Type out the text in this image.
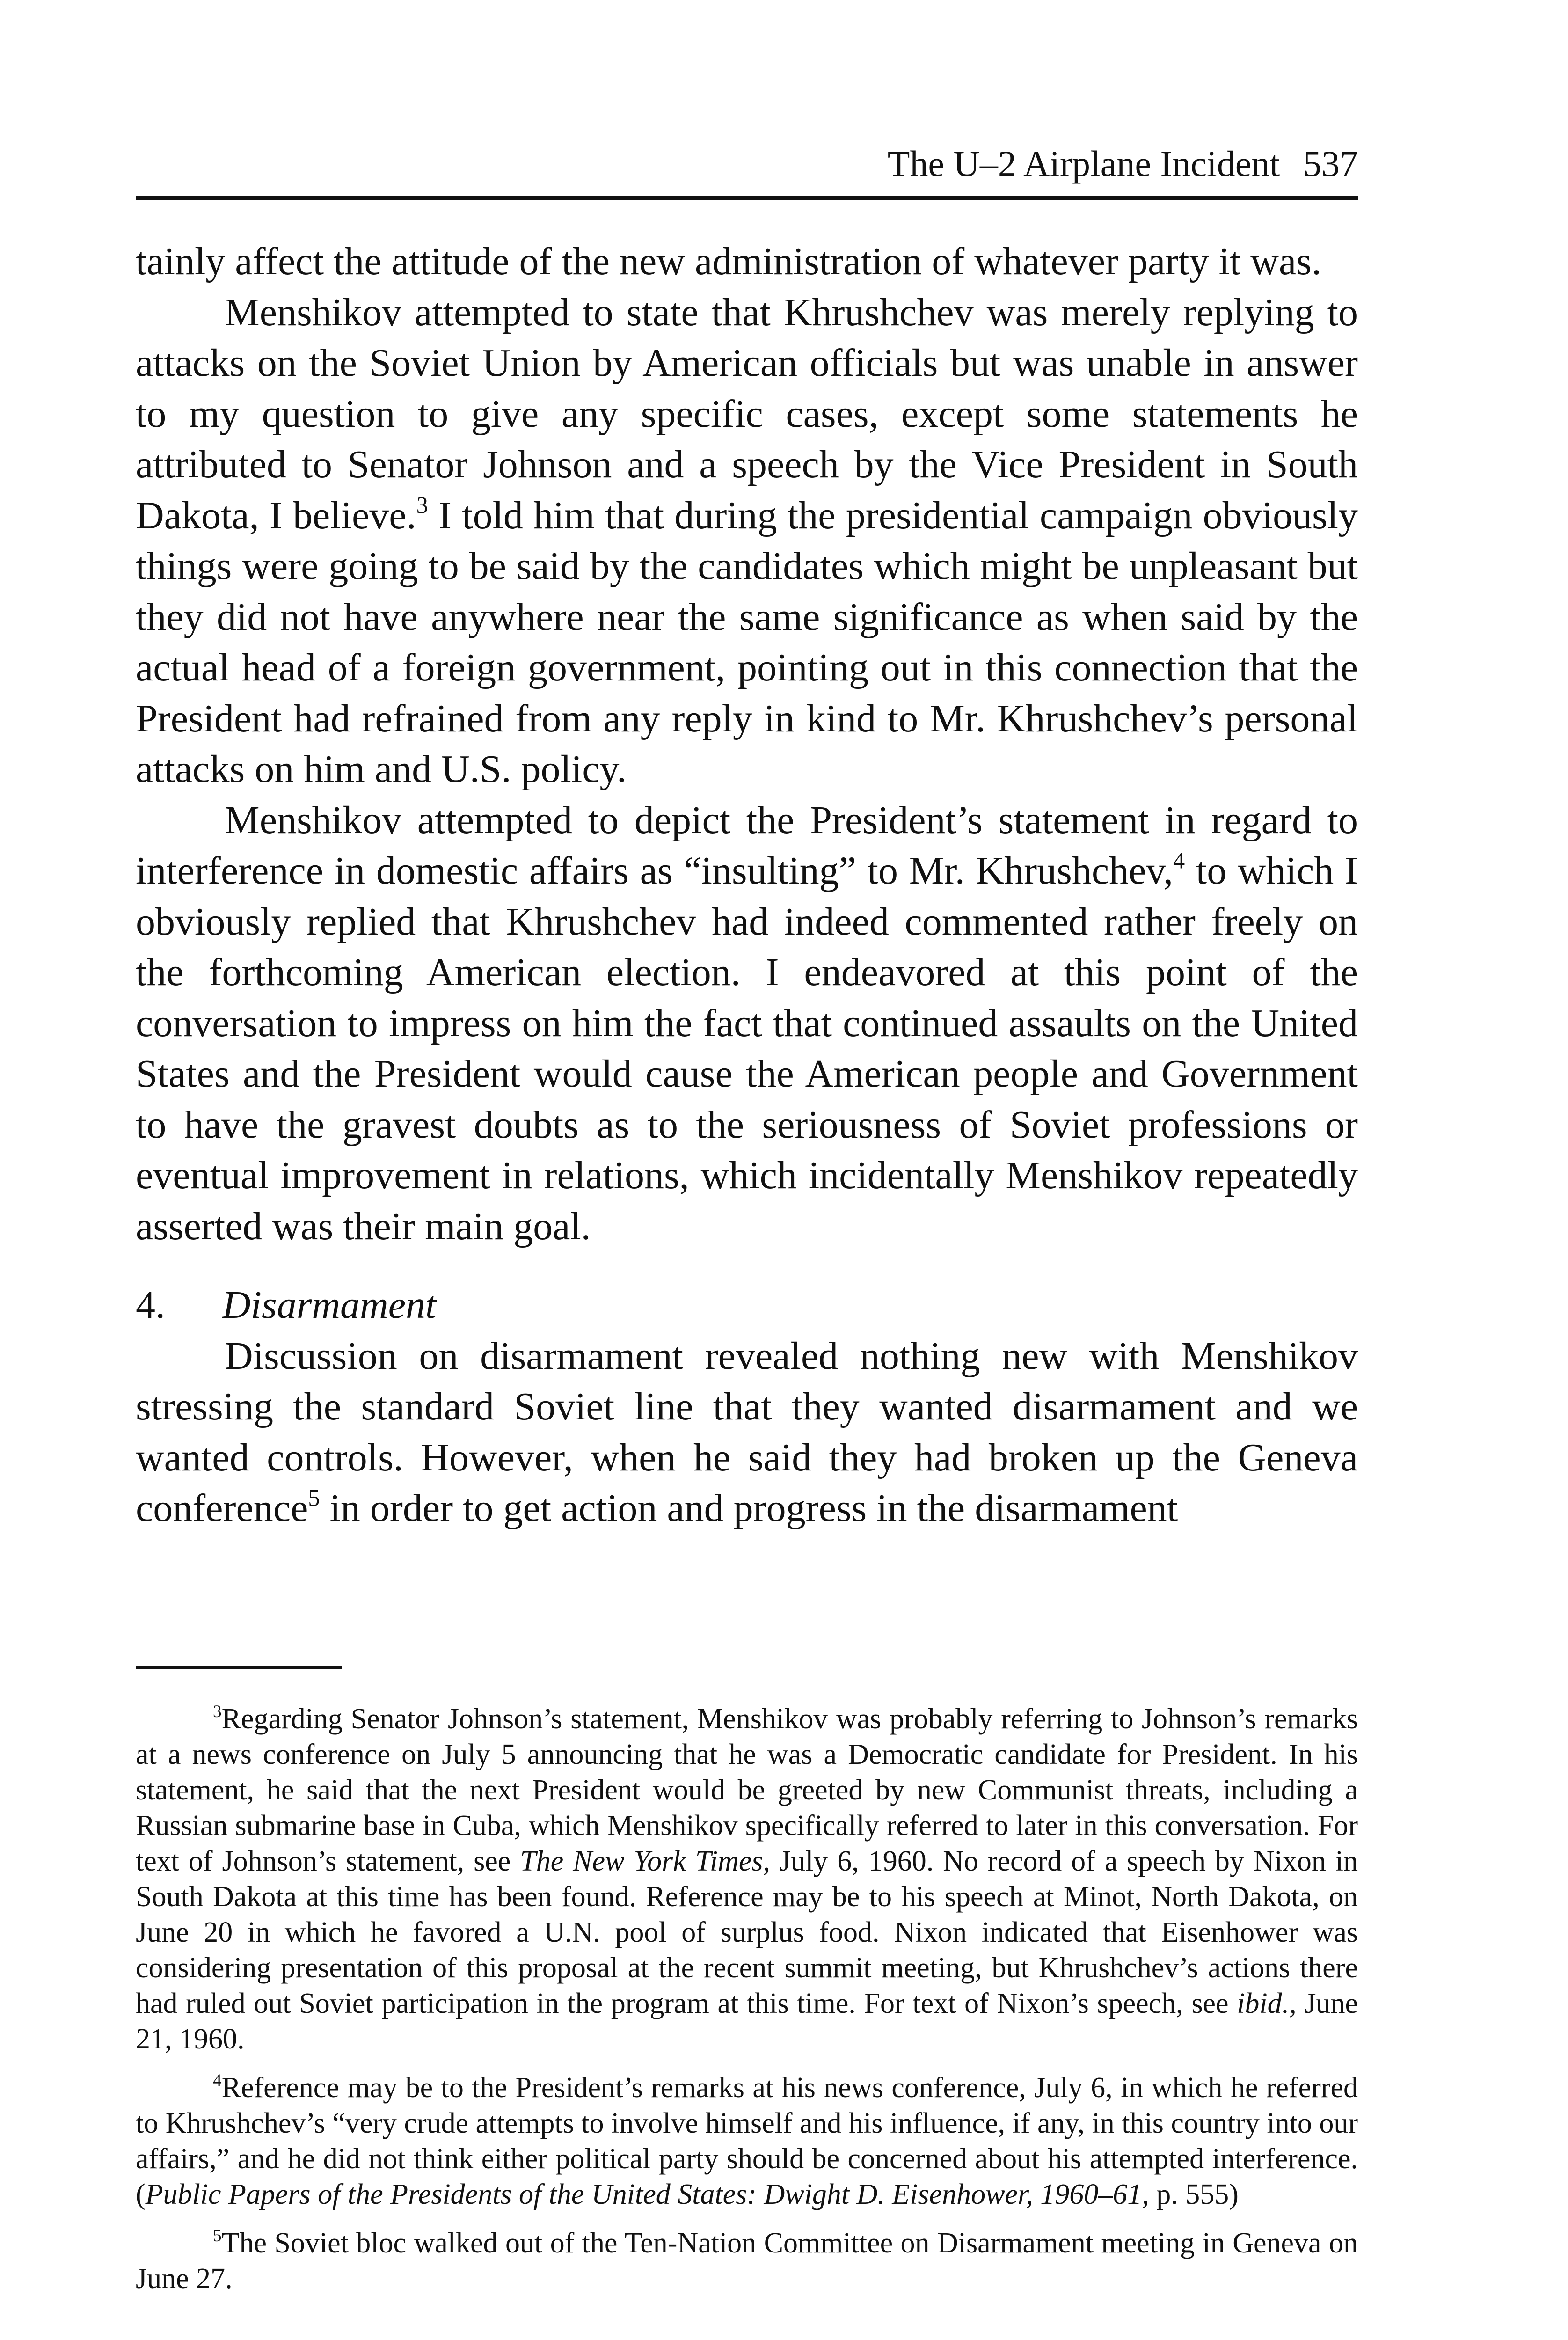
The U–2 Airplane Incident 537

tainly affect the attitude of the new administration of whatever party it was.

Menshikov attempted to state that Khrushchev was merely replying to attacks on the Soviet Union by American officials but was unable in answer to my question to give any specific cases, except some statements he attributed to Senator Johnson and a speech by the Vice President in South Dakota, I believe.$^3$ I told him that during the presidential campaign obviously things were going to be said by the candidates which might be unpleasant but they did not have anywhere near the same significance as when said by the actual head of a foreign government, pointing out in this connection that the President had refrained from any reply in kind to Mr. Khrushchev’s personal attacks on him and U.S. policy.

Menshikov attempted to depict the President’s statement in regard to interference in domestic affairs as “insulting” to Mr. Khrushchev,$^4$ to which I obviously replied that Khrushchev had indeed commented rather freely on the forthcoming American election. I endeavored at this point of the conversation to impress on him the fact that continued assaults on the United States and the President would cause the American people and Government to have the gravest doubts as to the seriousness of Soviet professions or eventual improvement in relations, which incidentally Menshikov repeatedly asserted was their main goal.

4. Disarmament

Discussion on disarmament revealed nothing new with Menshikov stressing the standard Soviet line that they wanted disarmament and we wanted controls. However, when he said they had broken up the Geneva conference$^5$ in order to get action and progress in the disarmament

$^3$Regarding Senator Johnson’s statement, Menshikov was probably referring to Johnson’s remarks at a news conference on July 5 announcing that he was a Democratic candidate for President. In his statement, he said that the next President would be greeted by new Communist threats, including a Russian submarine base in Cuba, which Menshikov specifically referred to later in this conversation. For text of Johnson’s statement, see The New York Times, July 6, 1960. No record of a speech by Nixon in South Dakota at this time has been found. Reference may be to his speech at Minot, North Dakota, on June 20 in which he favored a U.N. pool of surplus food. Nixon indicated that Eisenhower was considering presentation of this proposal at the recent summit meeting, but Khrushchev’s actions there had ruled out Soviet participation in the program at this time. For text of Nixon’s speech, see ibid., June 21, 1960.

$^4$Reference may be to the President’s remarks at his news conference, July 6, in which he referred to Khrushchev’s “very crude attempts to involve himself and his influence, if any, in this country into our affairs,” and he did not think either political party should be concerned about his attempted interference. (Public Papers of the Presidents of the United States: Dwight D. Eisenhower, 1960–61, p. 555)

$^5$The Soviet bloc walked out of the Ten-Nation Committee on Disarmament meeting in Geneva on June 27.
